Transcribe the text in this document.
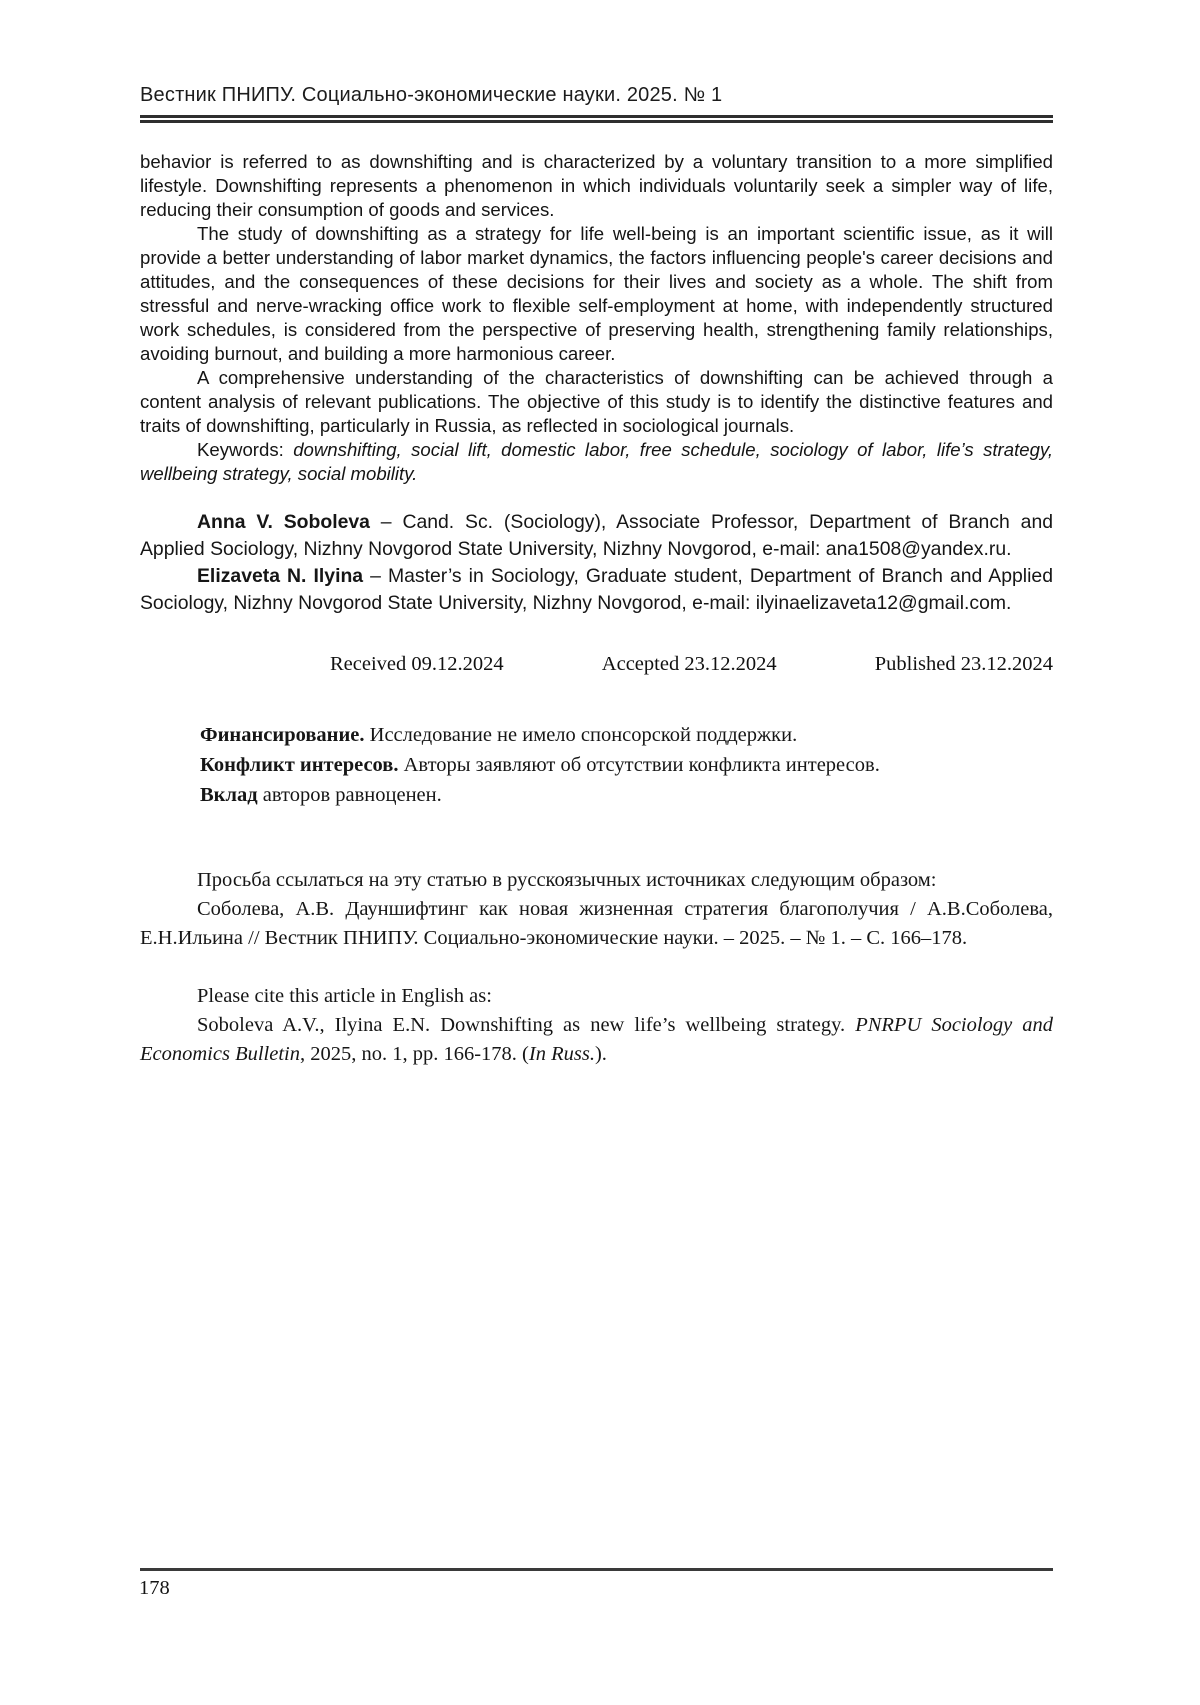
Вестник ПНИПУ. Социально-экономические науки. 2025. № 1

behavior is referred to as downshifting and is characterized by a voluntary transition to a more simplified lifestyle. Downshifting represents a phenomenon in which individuals voluntarily seek a simpler way of life, reducing their consumption of goods and services.

The study of downshifting as a strategy for life well-being is an important scientific issue, as it will provide a better understanding of labor market dynamics, the factors influencing people's career decisions and attitudes, and the consequences of these decisions for their lives and society as a whole. The shift from stressful and nerve-wracking office work to flexible self-employment at home, with independently structured work schedules, is considered from the perspective of preserving health, strengthening family relationships, avoiding burnout, and building a more harmonious career.

A comprehensive understanding of the characteristics of downshifting can be achieved through a content analysis of relevant publications. The objective of this study is to identify the distinctive features and traits of downshifting, particularly in Russia, as reflected in sociological journals.

Keywords: downshifting, social lift, domestic labor, free schedule, sociology of labor, life’s strategy, wellbeing strategy, social mobility.

Anna V. Soboleva – Cand. Sc. (Sociology), Associate Professor, Department of Branch and Applied Sociology, Nizhny Novgorod State University, Nizhny Novgorod, e-mail: ana1508@yandex.ru.

Elizaveta N. Ilyina – Master’s in Sociology, Graduate student, Department of Branch and Applied Sociology, Nizhny Novgorod State University, Nizhny Novgorod, e-mail: ilyinaelizaveta12@gmail.com.

Received 09.12.2024	Accepted 23.12.2024	Published 23.12.2024

Финансирование. Исследование не имело спонсорской поддержки.

Конфликт интересов. Авторы заявляют об отсутствии конфликта интересов.

Вклад авторов равноценен.

Просьба ссылаться на эту статью в русскоязычных источниках следующим образом:

Соболева, А.В. Дауншифтинг как новая жизненная стратегия благополучия / А.В.Соболева, Е.Н.Ильина // Вестник ПНИПУ. Социально-экономические науки. – 2025. – № 1. – С. 166–178.

Please cite this article in English as:

Soboleva A.V., Ilyina E.N. Downshifting as new life’s wellbeing strategy. PNRPU Sociology and Economics Bulletin, 2025, no. 1, pp. 166-178. (In Russ.).

178
